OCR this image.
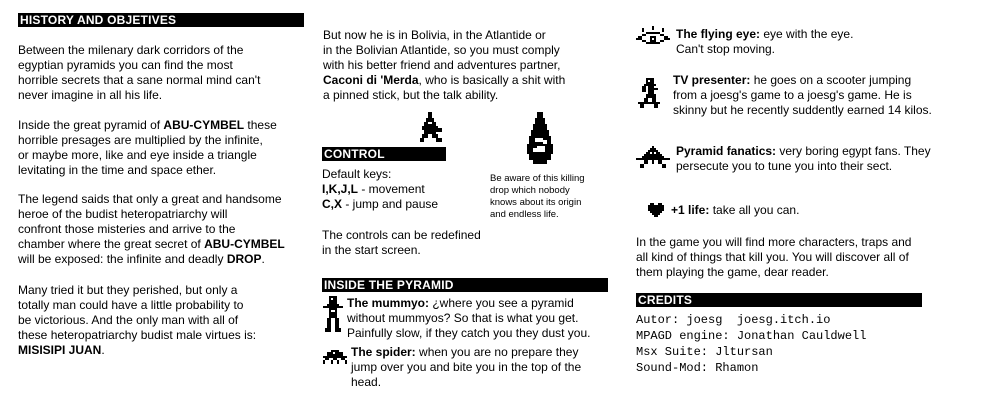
HISTORY AND OBJETIVES
Between the milenary dark corridors of the
egyptian pyramids you can find the most
horrible secrets that a sane normal mind can't
never imagine in all his life.
Inside the great pyramid of ABU-CYMBEL these
horrible presages are multiplied by the infinite,
or maybe more, like and eye inside a triangle
levitating in the time and space ether.
The legend saids that only a great and handsome
heroe of the budist heteropatriarchy will
confront those misteries and arrive to the
chamber where the great secret of ABU-CYMBEL
will be exposed: the infinite and deadly DROP.
Many tried it but they perished, but only a
totally man could have a little probability to
be victorious. And the only man with all of
these heteropatriarchy budist male virtues is:
MISISIPI JUAN.
But now he is in Bolivia, in the Atlantide or
in the Bolivian Atlantide, so you must comply
with his better friend and adventures partner,
Caconi di 'Merda, who is basically a shit with
a pinned stick, but the talk ability.
CONTROL
Default keys:
I,K,J,L - movement
C,X - jump and pause
Be aware of this killing
drop which nobody
knows about its origin
and endless life.
The controls can be redefined
in the start screen.
INSIDE THE PYRAMID
The mummyo: ¿where you see a pyramid
without mummyos? So that is what you get.
Painfully slow, if they catch you they dust you.
The spider: when you are no prepare they
jump over you and bite you in the top of the
head.
The flying eye: eye with the eye.
Can't stop moving.
TV presenter: he goes on a scooter jumping
from a joesg's game to a joesg's game. He is
skinny but he recently suddently earned 14 kilos.
Pyramid fanatics: very boring egypt fans. They
persecute you to tune you into their sect.
+1 life: take all you can.
In the game you will find more characters, traps and
all kind of things that kill you. You will discover all of
them playing the game, dear reader.
CREDITS
Autor: joesg  joesg.itch.io
MPAGD engine: Jonathan Cauldwell
Msx Suite: Jltursan
Sound-Mod: Rhamon
